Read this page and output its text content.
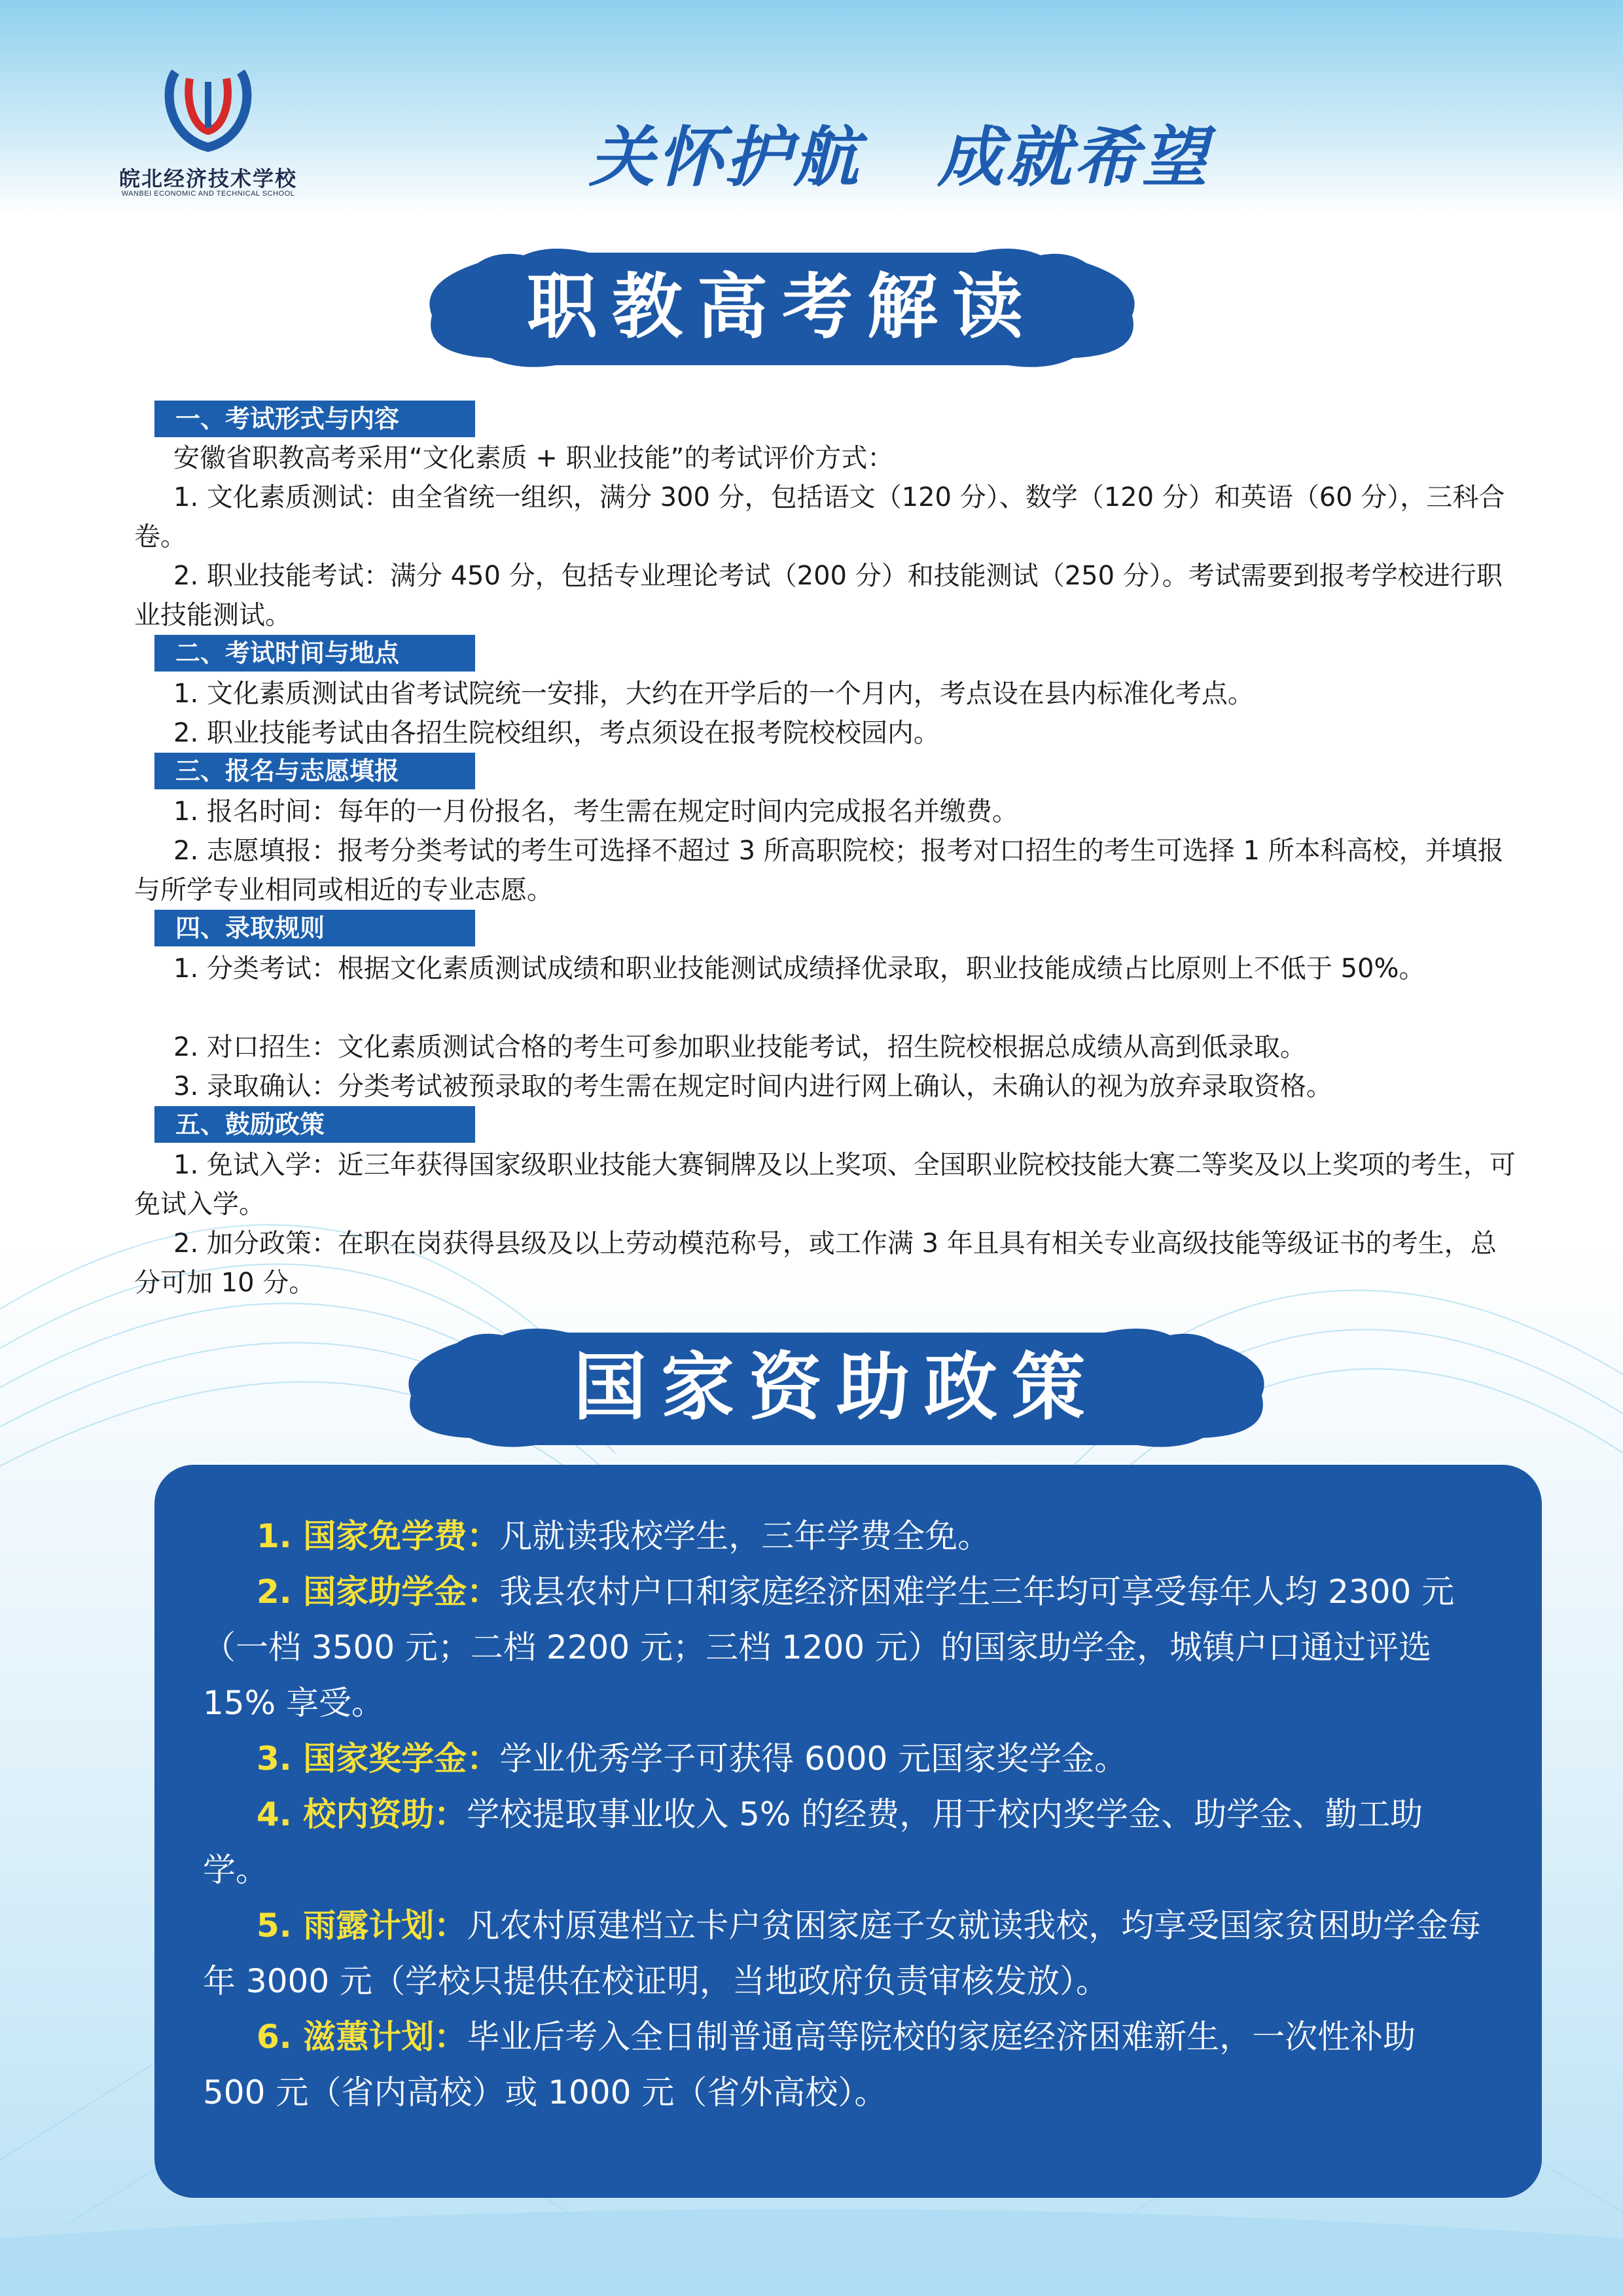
皖北经济技术学校
WANBEI ECONOMIC AND TECHNICAL SCHOOL	关怀护航   成就希望
职教高考解读
一、考试形式与内容

安徽省职教高考采用“文化素质 + 职业技能”的考试评价方式：

1. 文化素质测试：由全省统一组织，满分 300 分，包括语文（120 分）、数学（120 分）和英语（60 分），三科合卷。

2. 职业技能考试：满分 450 分，包括专业理论考试（200 分）和技能测试（250 分）。考试需要到报考学校进行职业技能测试。

二、考试时间与地点

1. 文化素质测试由省考试院统一安排，大约在开学后的一个月内，考点设在县内标准化考点。

2. 职业技能考试由各招生院校组织，考点须设在报考院校校园内。

三、报名与志愿填报

1. 报名时间：每年的一月份报名，考生需在规定时间内完成报名并缴费。

2. 志愿填报：报考分类考试的考生可选择不超过 3 所高职院校；报考对口招生的考生可选择 1 所本科高校，并填报与所学专业相同或相近的专业志愿。

四、录取规则

1. 分类考试：根据文化素质测试成绩和职业技能测试成绩择优录取，职业技能成绩占比原则上不低于 50%。

2. 对口招生：文化素质测试合格的考生可参加职业技能考试，招生院校根据总成绩从高到低录取。

3. 录取确认：分类考试被预录取的考生需在规定时间内进行网上确认，未确认的视为放弃录取资格。

五、鼓励政策

1. 免试入学：近三年获得国家级职业技能大赛铜牌及以上奖项、全国职业院校技能大赛二等奖及以上奖项的考生，可免试入学。

2. 加分政策：在职在岗获得县级及以上劳动模范称号，或工作满 3 年且具有相关专业高级技能等级证书的考生，总分可加 10 分。

国家资助政策

1. 国家免学费：凡就读我校学生，三年学费全免。

2. 国家助学金：我县农村户口和家庭经济困难学生三年均可享受每年人均 2300 元（一档 3500 元；二档 2200 元；三档 1200 元）的国家助学金，城镇户口通过评选 15% 享受。

3. 国家奖学金：学业优秀学子可获得 6000 元国家奖学金。

4. 校内资助：学校提取事业收入 5% 的经费，用于校内奖学金、助学金、勤工助学。

5. 雨露计划：凡农村原建档立卡户贫困家庭子女就读我校，均享受国家贫困助学金每年 3000 元（学校只提供在校证明，当地政府负责审核发放）。

6. 滋蕙计划：毕业后考入全日制普通高等院校的家庭经济困难新生，一次性补助 500 元（省内高校）或 1000 元（省外高校）。
